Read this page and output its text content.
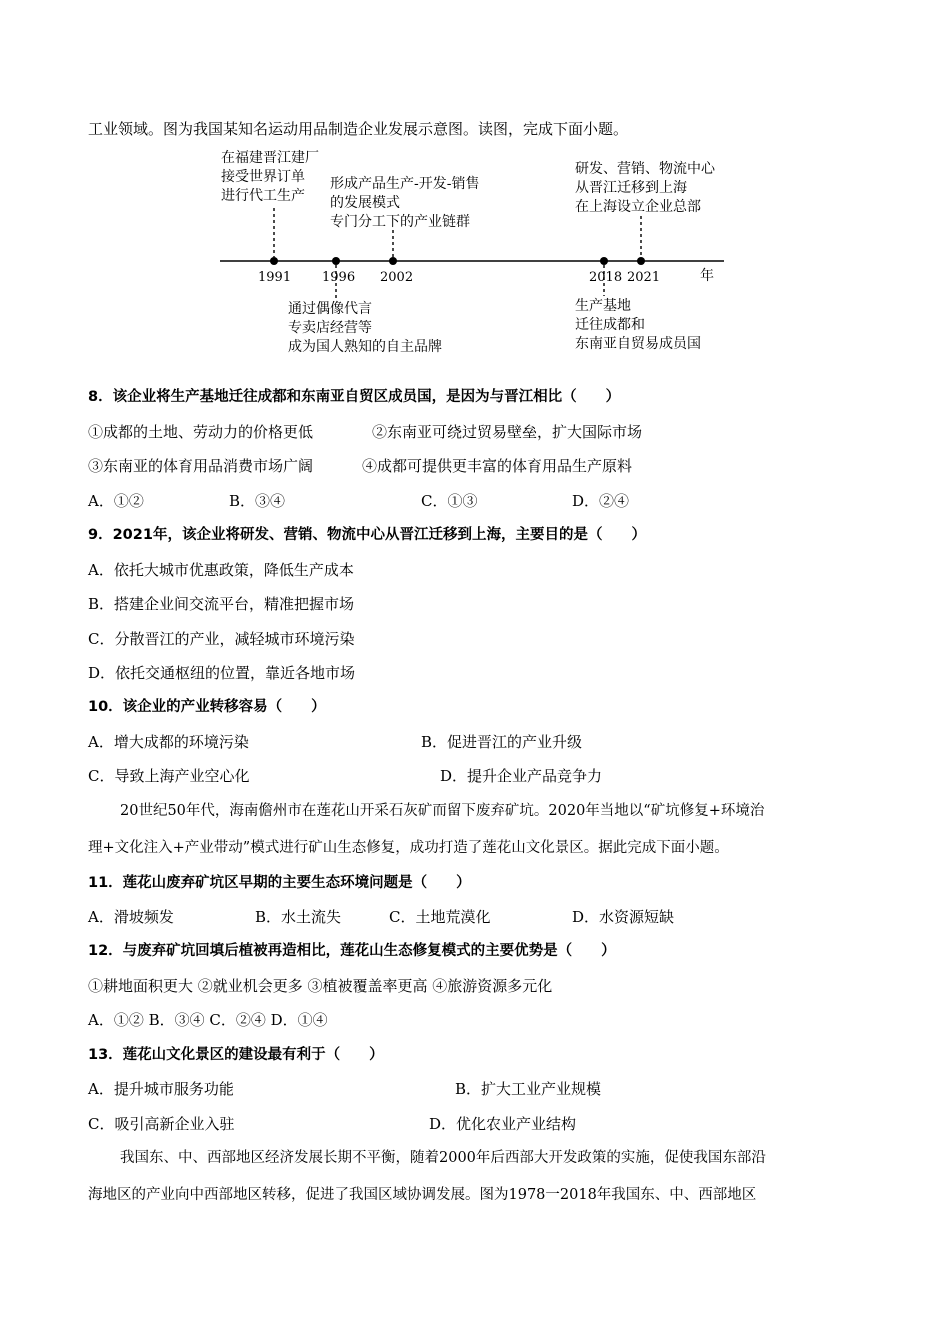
工业领域。图为我国某知名运动用品制造企业发展示意图。读图，完成下面小题。
1991 1996 2002	2018 2021	年
在福建晋江建厂
接受世界订单
进行代工生产
形成产品生产-开发-销售
的发展模式
专门分工下的产业链群
研发、营销、物流中心
从晋江迁移到上海
在上海设立企业总部
通过偶像代言
专卖店经营等
成为国人熟知的自主品牌
生产基地
迁往成都和
东南亚自贸易成员国
8．该企业将生产基地迁往成都和东南亚自贸区成员国，是因为与晋江相比（　　）
①成都的土地、劳动力的价格更低	②东南亚可绕过贸易壁垒，扩大国际市场
③东南亚的体育用品消费市场广阔	④成都可提供更丰富的体育用品生产原料
A．①②	B．③④	C．①③	D．②④
9．2021年，该企业将研发、营销、物流中心从晋江迁移到上海，主要目的是（　　）
A．依托大城市优惠政策，降低生产成本
B．搭建企业间交流平台，精准把握市场
C．分散晋江的产业，减轻城市环境污染
D．依托交通枢纽的位置，靠近各地市场
10．该企业的产业转移容易（　　）
A．增大成都的环境污染	B．促进晋江的产业升级
C．导致上海产业空心化	D．提升企业产品竞争力
20世纪50年代，海南儋州市在莲花山开采石灰矿而留下废弃矿坑。2020年当地以“矿坑修复+环境治
理+文化注入+产业带动”模式进行矿山生态修复，成功打造了莲花山文化景区。据此完成下面小题。
11．莲花山废弃矿坑区早期的主要生态环境问题是（　　）
A．滑坡频发	B．水土流失	C．土地荒漠化	D．水资源短缺
12．与废弃矿坑回填后植被再造相比，莲花山生态修复模式的主要优势是（　　）
①耕地面积更大 ②就业机会更多 ③植被覆盖率更高 ④旅游资源多元化
A．①② B．③④ C．②④ D．①④
13．莲花山文化景区的建设最有利于（　　）
A．提升城市服务功能	B．扩大工业产业规模
C．吸引高新企业入驻	D．优化农业产业结构
我国东、中、西部地区经济发展长期不平衡，随着2000年后西部大开发政策的实施，促使我国东部沿
海地区的产业向中西部地区转移，促进了我国区域协调发展。图为1978一2018年我国东、中、西部地区
